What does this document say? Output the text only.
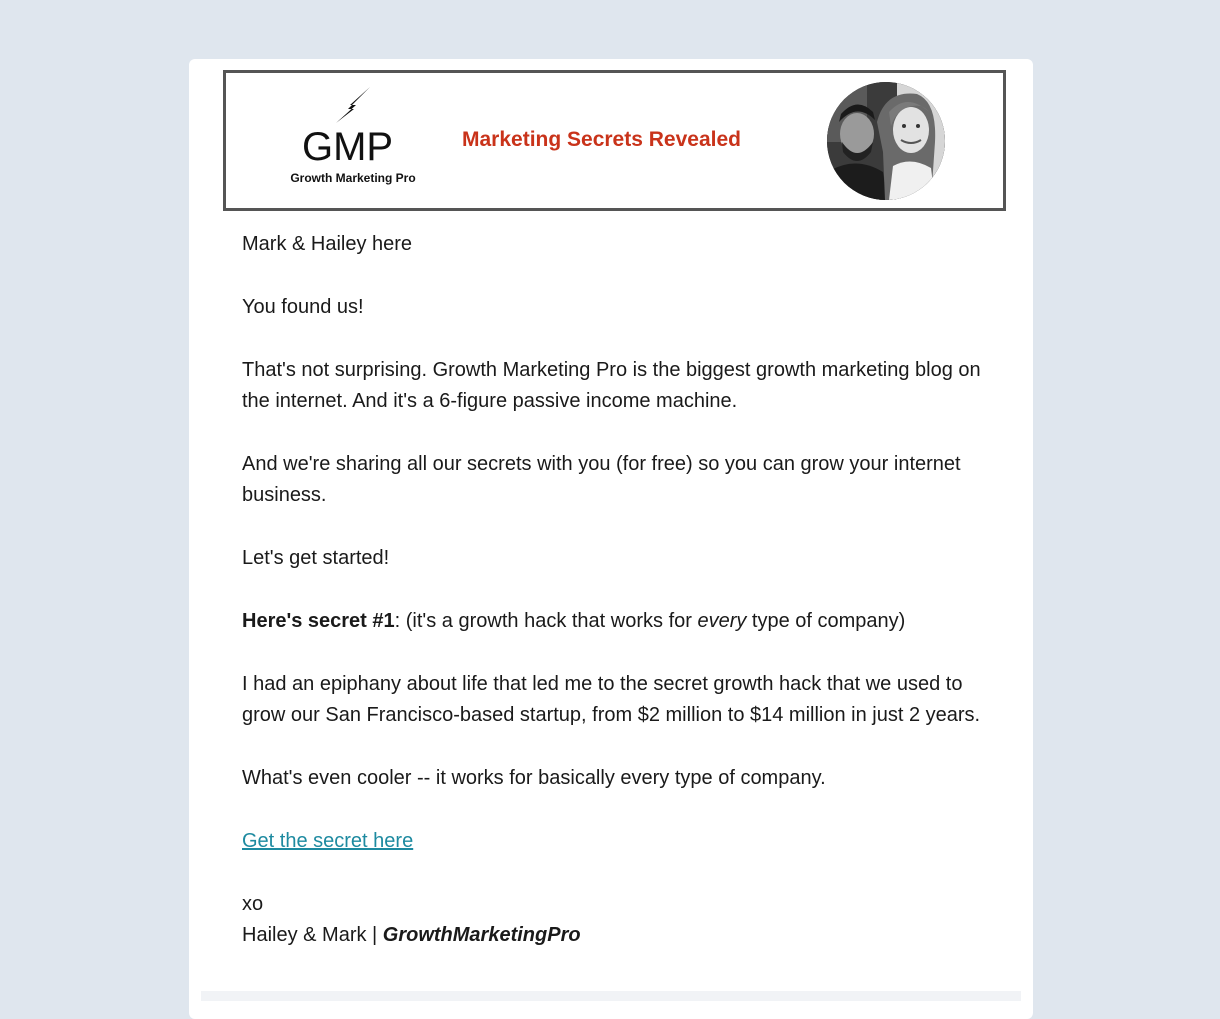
GMP
Growth Marketing Pro
Marketing Secrets Revealed

Mark & Hailey here

You found us!

That's not surprising. Growth Marketing Pro is the biggest growth marketing blog on the internet. And it's a 6-figure passive income machine.

And we're sharing all our secrets with you (for free) so you can grow your internet business.

Let's get started!

Here's secret #1: (it's a growth hack that works for every type of company)

I had an epiphany about life that led me to the secret growth hack that we used to grow our San Francisco-based startup, from $2 million to $14 million in just 2 years.

What's even cooler -- it works for basically every type of company.

Get the secret here

xo

Hailey & Mark | GrowthMarketingPro
